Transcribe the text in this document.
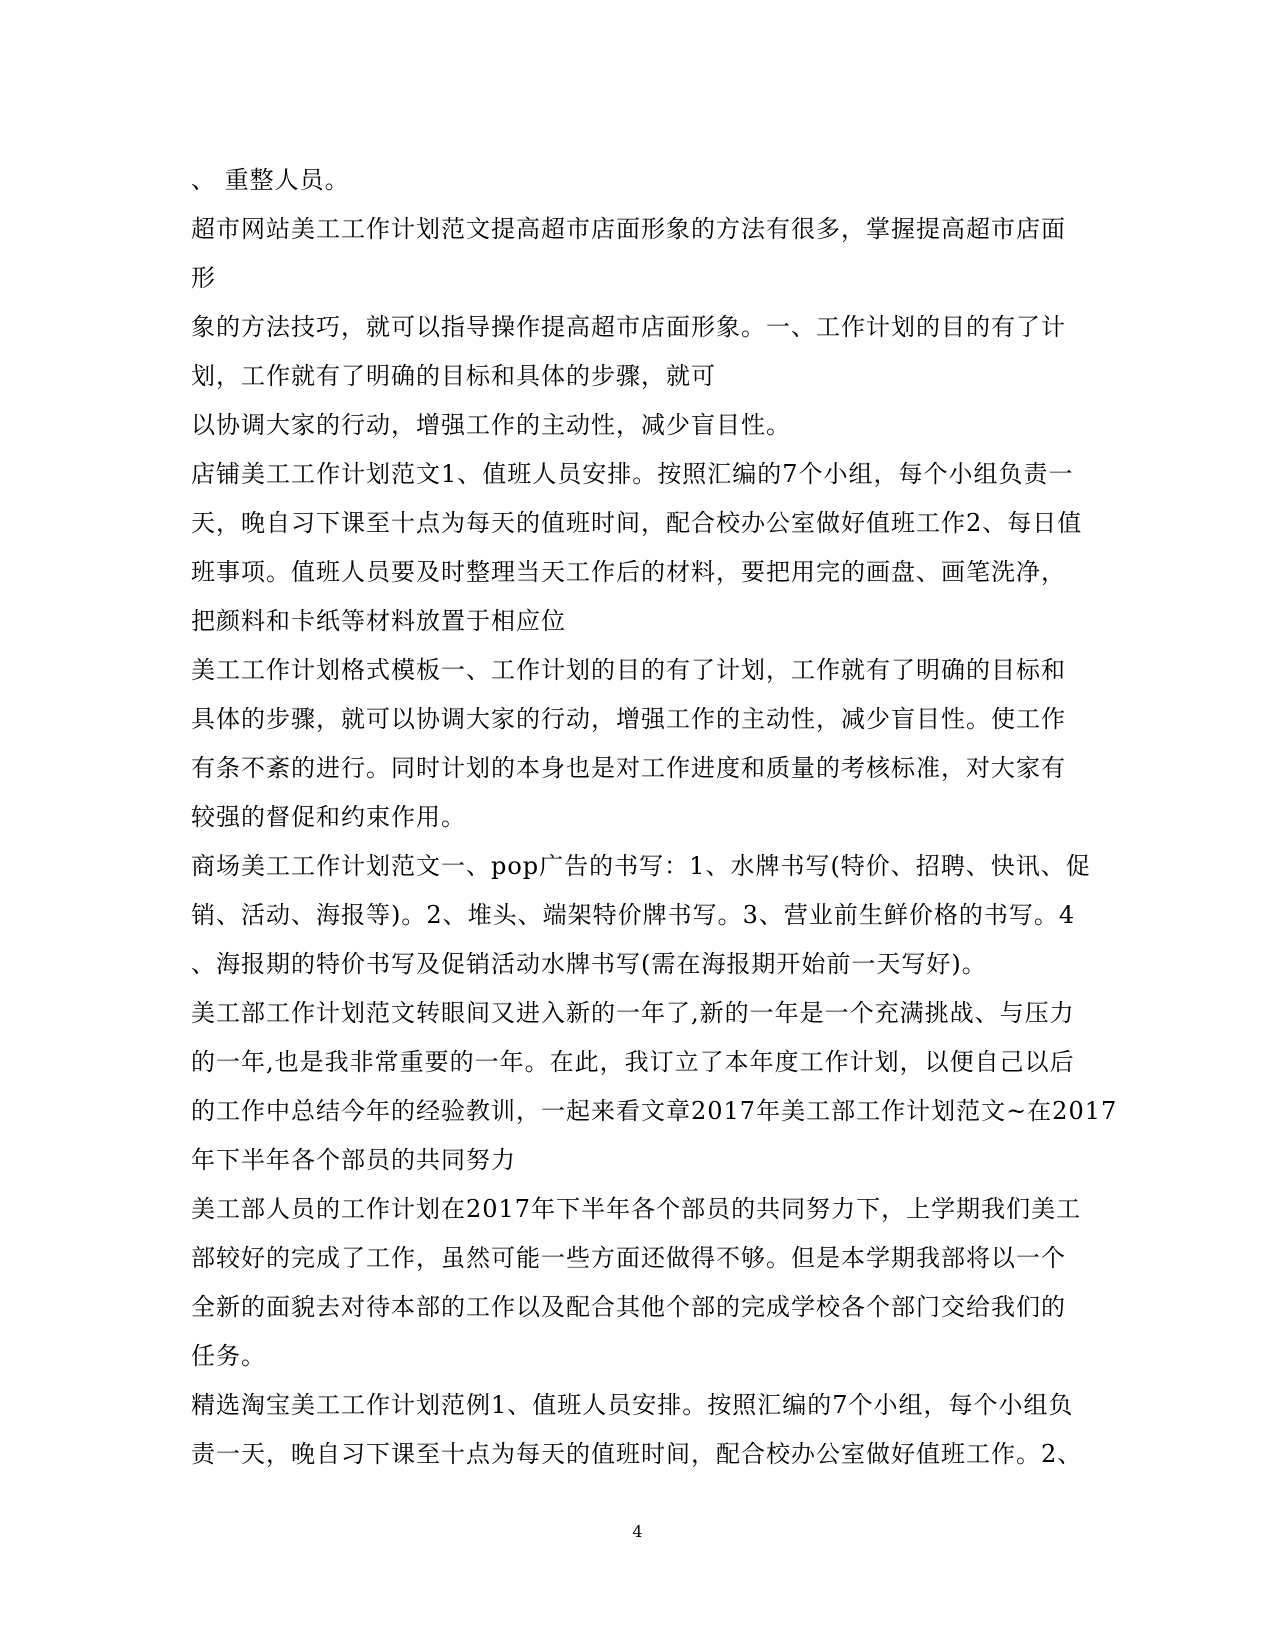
、 重整人员。
超市网站美工工作计划范文提高超市店面形象的方法有很多，掌握提高超市店面
形
象的方法技巧，就可以指导操作提高超市店面形象。一、工作计划的目的有了计
划，工作就有了明确的目标和具体的步骤，就可
以协调大家的行动，增强工作的主动性，减少盲目性。
店铺美工工作计划范文1、值班人员安排。按照汇编的7个小组，每个小组负责一
天，晚自习下课至十点为每天的值班时间，配合校办公室做好值班工作2、每日值
班事项。值班人员要及时整理当天工作后的材料，要把用完的画盘、画笔洗净，
把颜料和卡纸等材料放置于相应位
美工工作计划格式模板一、工作计划的目的有了计划，工作就有了明确的目标和
具体的步骤，就可以协调大家的行动，增强工作的主动性，减少盲目性。使工作
有条不紊的进行。同时计划的本身也是对工作进度和质量的考核标准，对大家有
较强的督促和约束作用。
商场美工工作计划范文一、pop广告的书写：1、水牌书写(特价、招聘、快讯、促
销、活动、海报等)。2、堆头、端架特价牌书写。3、营业前生鲜价格的书写。4
、海报期的特价书写及促销活动水牌书写(需在海报期开始前一天写好)。
美工部工作计划范文转眼间又进入新的一年了,新的一年是一个充满挑战、与压力
的一年,也是我非常重要的一年。在此，我订立了本年度工作计划，以便自己以后
的工作中总结今年的经验教训，一起来看文章2017年美工部工作计划范文~在2017
年下半年各个部员的共同努力
美工部人员的工作计划在2017年下半年各个部员的共同努力下，上学期我们美工
部较好的完成了工作，虽然可能一些方面还做得不够。但是本学期我部将以一个
全新的面貌去对待本部的工作以及配合其他个部的完成学校各个部门交给我们的
任务。
精选淘宝美工工作计划范例1、值班人员安排。按照汇编的7个小组，每个小组负
责一天，晚自习下课至十点为每天的值班时间，配合校办公室做好值班工作。2、
4
